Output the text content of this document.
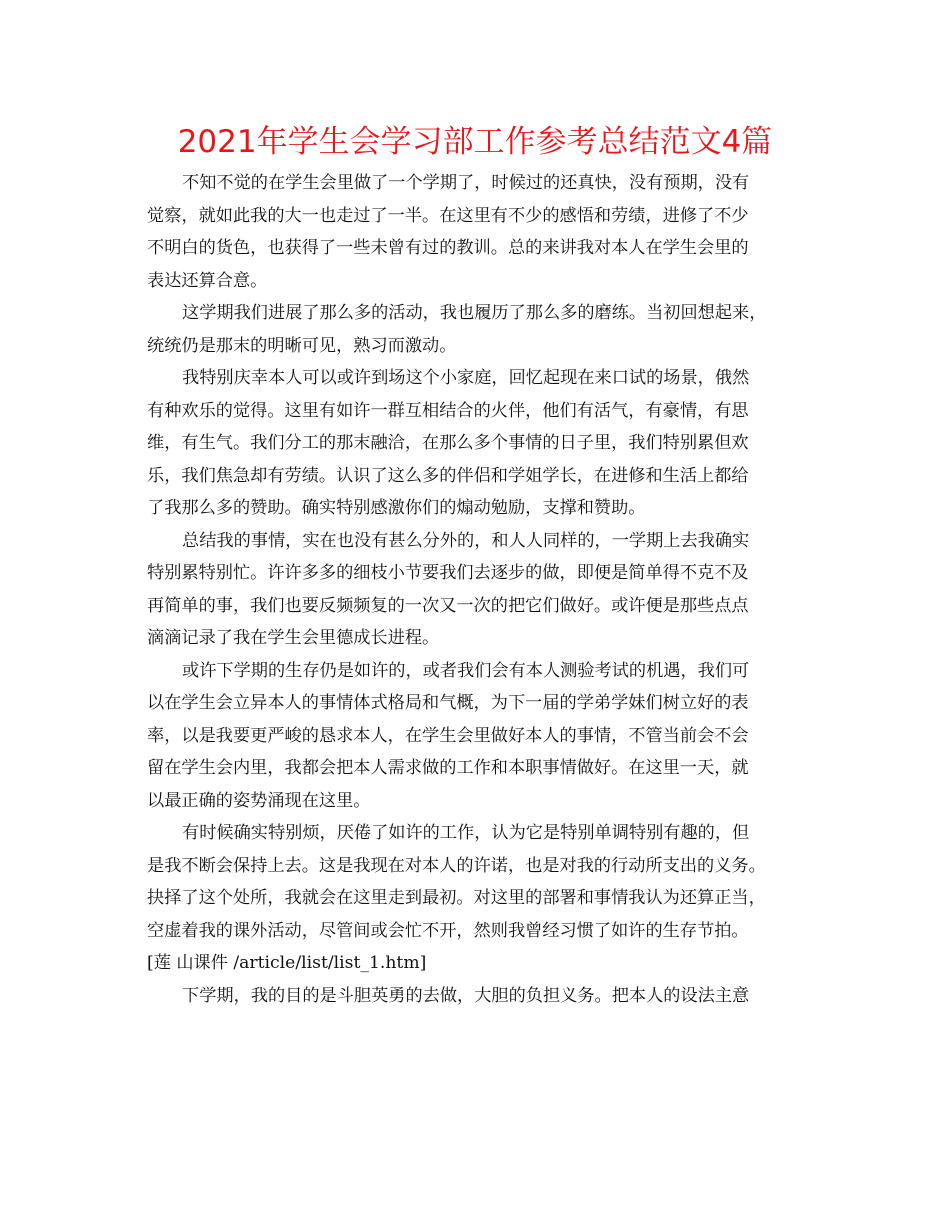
2021年学生会学习部工作参考总结范文4篇
不知不觉的在学生会里做了一个学期了，时候过的还真快，没有预期，没有
觉察，就如此我的大一也走过了一半。在这里有不少的感悟和劳绩，进修了不少
不明白的货色，也获得了一些未曾有过的教训。总的来讲我对本人在学生会里的
表达还算合意。
这学期我们进展了那么多的活动，我也履历了那么多的磨练。当初回想起来，
统统仍是那末的明晰可见，熟习而激动。
我特别庆幸本人可以或许到场这个小家庭，回忆起现在来口试的场景，俄然
有种欢乐的觉得。这里有如许一群互相结合的火伴，他们有活气，有豪情，有思
维，有生气。我们分工的那末融洽，在那么多个事情的日子里，我们特别累但欢
乐，我们焦急却有劳绩。认识了这么多的伴侣和学姐学长，在进修和生活上都给
了我那么多的赞助。确实特别感激你们的煽动勉励，支撑和赞助。
总结我的事情，实在也没有甚么分外的，和人人同样的，一学期上去我确实
特别累特别忙。许许多多的细枝小节要我们去逐步的做，即便是简单得不克不及
再简单的事，我们也要反频频复的一次又一次的把它们做好。或许便是那些点点
滴滴记录了我在学生会里德成长进程。
或许下学期的生存仍是如许的，或者我们会有本人测验考试的机遇，我们可
以在学生会立异本人的事情体式格局和气概，为下一届的学弟学妹们树立好的表
率，以是我要更严峻的恳求本人，在学生会里做好本人的事情，不管当前会不会
留在学生会内里，我都会把本人需求做的工作和本职事情做好。在这里一天，就
以最正确的姿势涌现在这里。
有时候确实特别烦，厌倦了如许的工作，认为它是特别单调特别有趣的，但
是我不断会保持上去。这是我现在对本人的许诺，也是对我的行动所支出的义务。
抉择了这个处所，我就会在这里走到最初。对这里的部署和事情我认为还算正当，
空虚着我的课外活动，尽管间或会忙不开，然则我曾经习惯了如许的生存节拍。
[莲 山课件 /article/list/list_1.htm]
下学期，我的目的是斗胆英勇的去做，大胆的负担义务。把本人的设法主意
